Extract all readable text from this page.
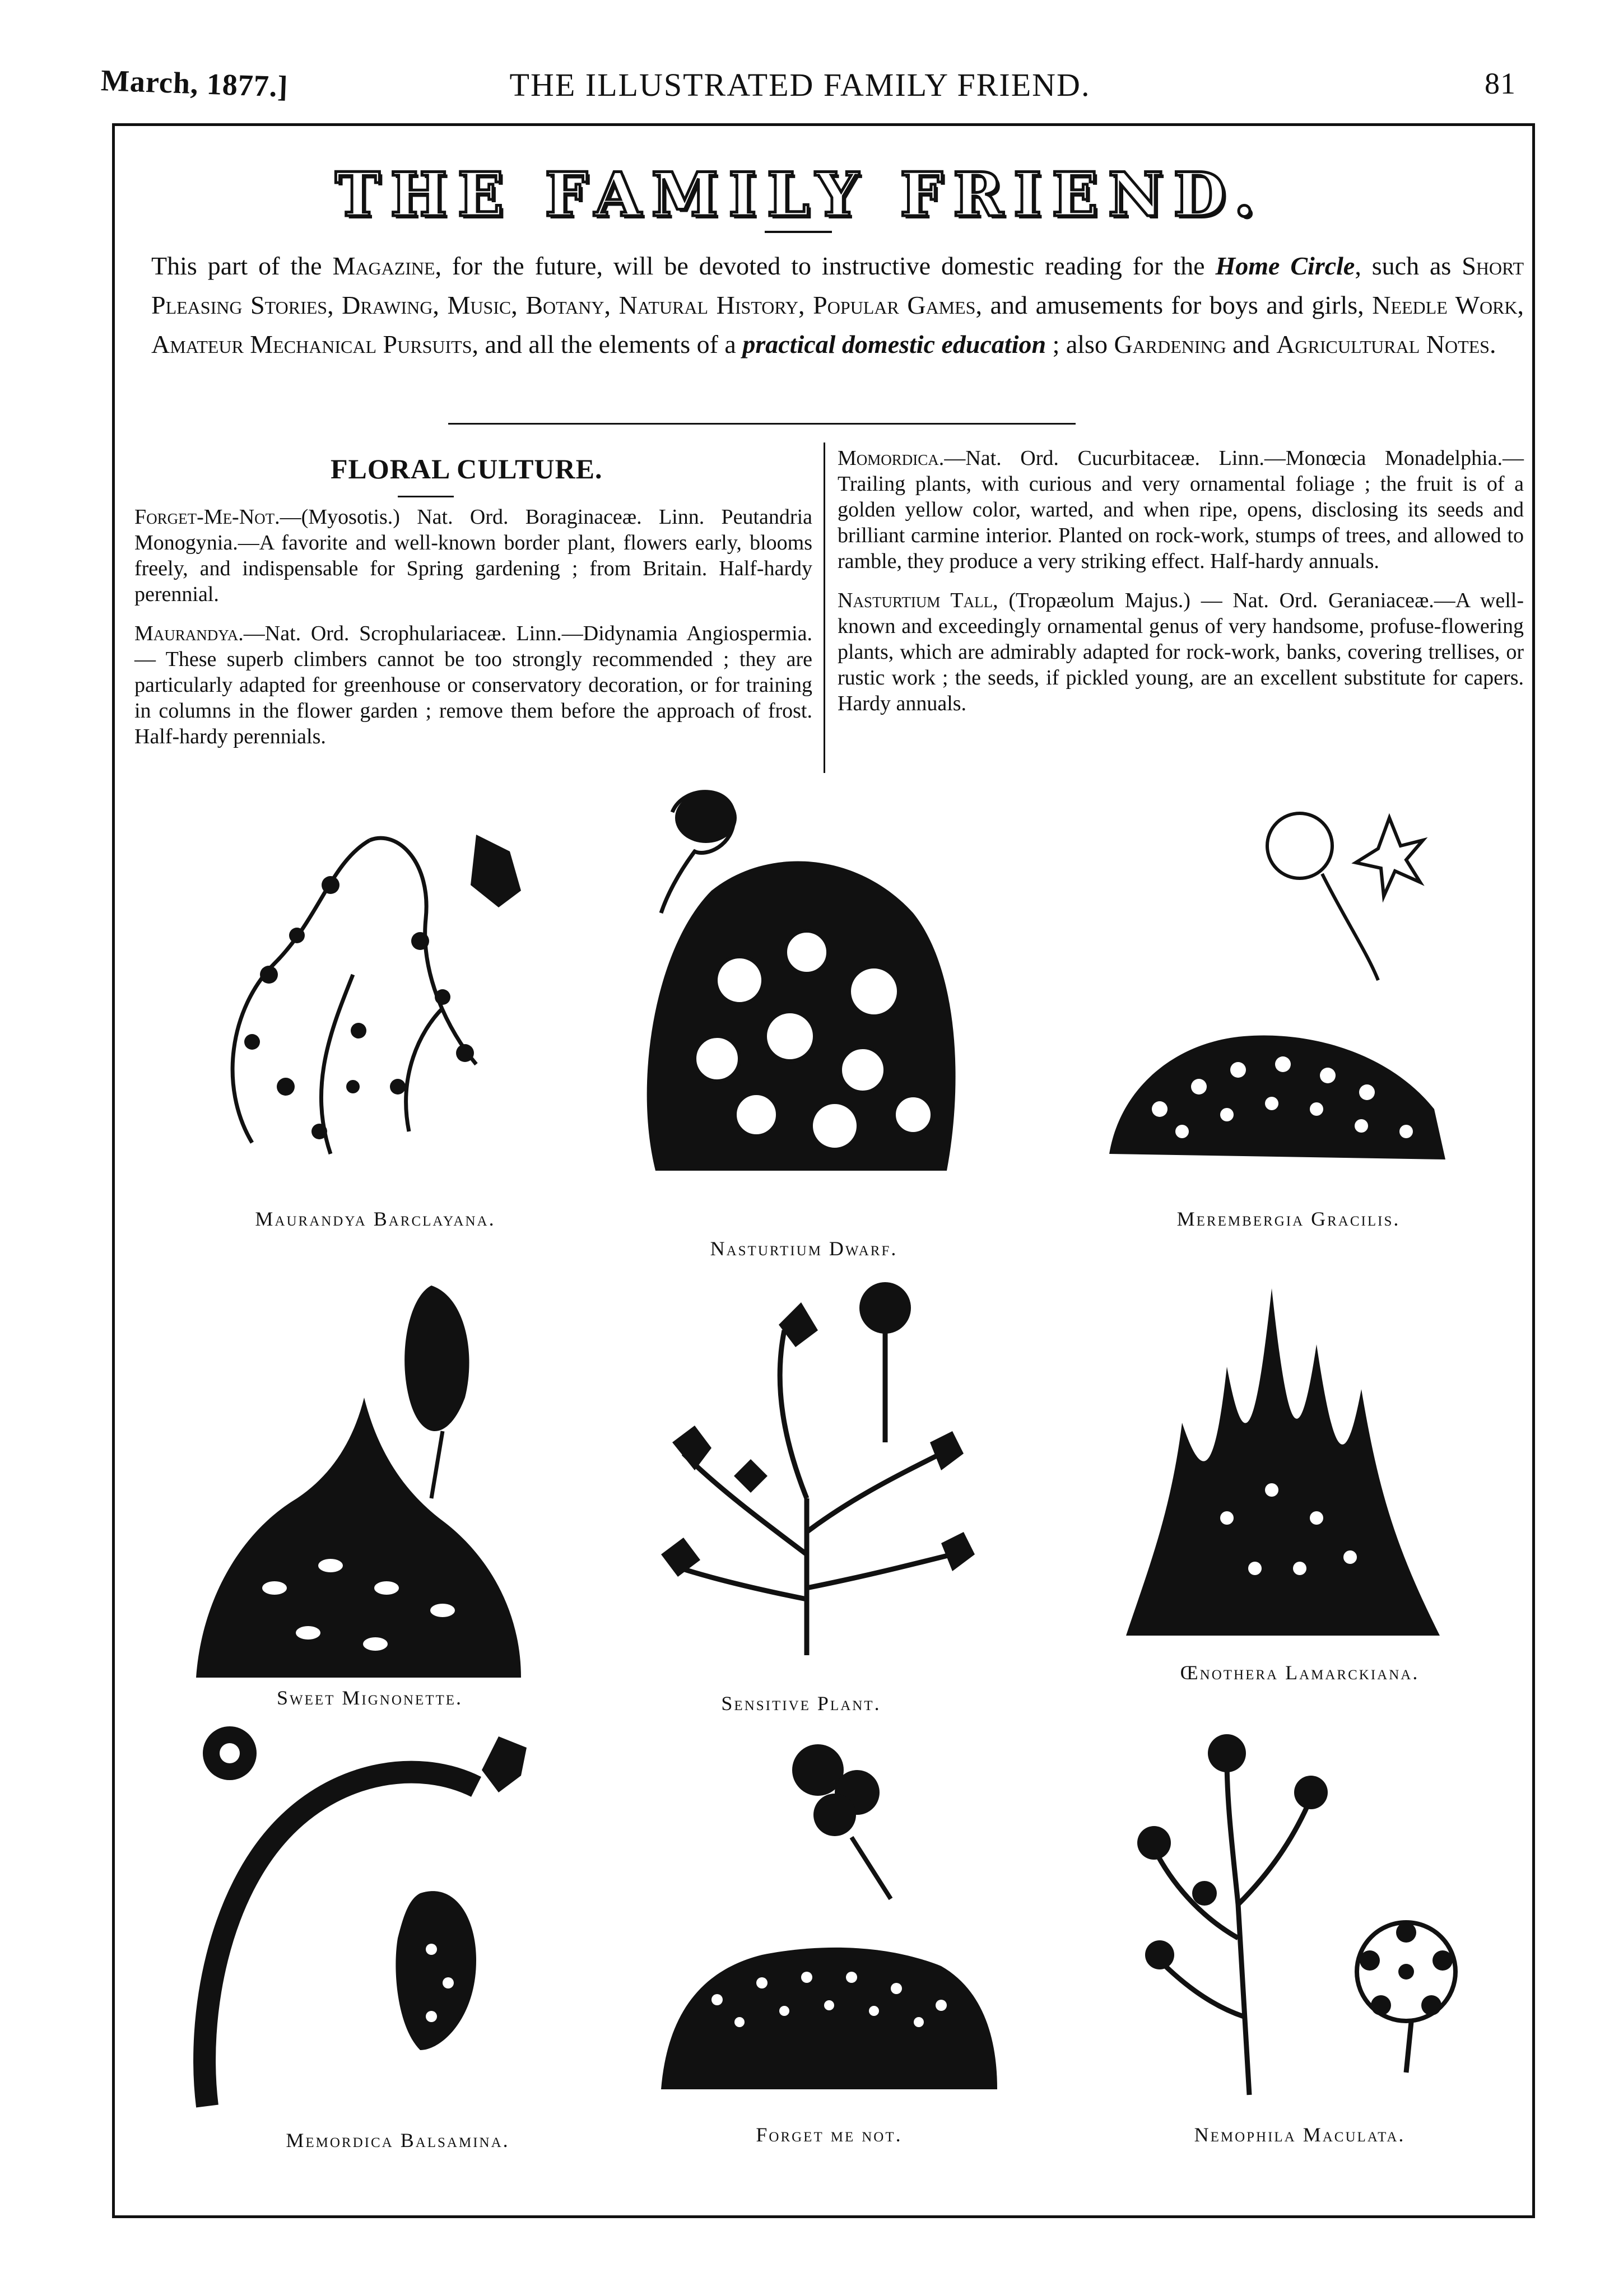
THE ILLUSTRATED FAMILY FRIEND.
March, 1877.]	81
THE FAMILY FRIEND.
This part of the Magazine, for the future, will be devoted to instructive domestic reading for the Home Circle, such as Short Pleasing Stories, Drawing, Music, Botany, Natural History, Popular Games, and amusements for boys and girls, Needle Work, Amateur Mechanical Pursuits, and all the elements of a practical domestic education ; also Gardening and Agricultural Notes.
FLORAL CULTURE.

Forget-Me-Not.—(Myosotis.) Nat. Ord. Boraginaceæ. Linn. Peutandria Monogynia.—A favorite and well-known border plant, flowers early, blooms freely, and indispensable for Spring gardening ; from Britain. Half-hardy perennial.

Maurandya.—Nat. Ord. Scrophulariaceæ. Linn.—Didynamia Angiospermia. — These superb climbers cannot be too strongly recommended ; they are particularly adapted for greenhouse or conservatory decoration, or for training in columns in the flower garden ; remove them before the approach of frost. Half-hardy perennials.

Momordica.—Nat. Ord. Cucurbitaceæ. Linn.—Monœcia Monadelphia.—Trailing plants, with curious and very ornamental foliage ; the fruit is of a golden yellow color, warted, and when ripe, opens, disclosing its seeds and brilliant carmine interior. Planted on rock-work, stumps of trees, and allowed to ramble, they produce a very striking effect. Half-hardy annuals.

Nasturtium Tall, (Tropæolum Majus.) — Nat. Ord. Geraniaceæ.—A well-known and exceedingly ornamental genus of very handsome, profuse-flowering plants, which are admirably adapted for rock-work, banks, covering trellises, or rustic work ; the seeds, if pickled young, are an excellent substitute for capers. Hardy annuals.

Maurandya Barclayana.
Nasturtium Dwarf.
Merembergia Gracilis.
Sweet Mignonette.	Sensitive Plant.
Œnothera Lamarckiana.
Memordica Balsamina.	Forget me not.	Nemophila Maculata.
